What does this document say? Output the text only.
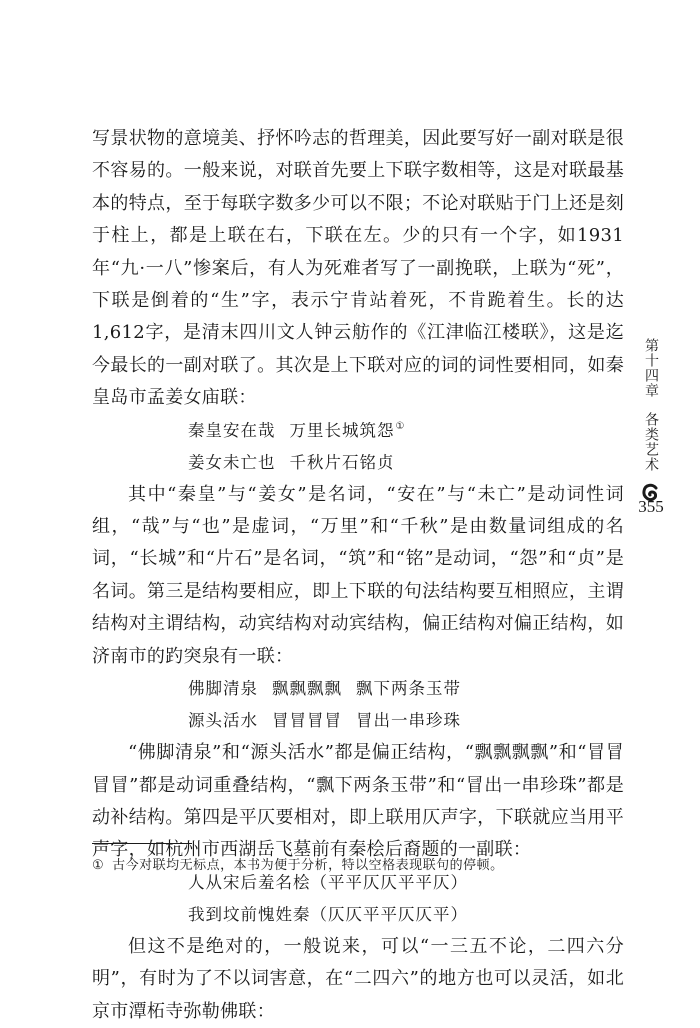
写景状物的意境美、抒怀吟志的哲理美，因此要写好一副对联是很不容易的。一般来说，对联首先要上下联字数相等，这是对联最基本的特点，至于每联字数多少可以不限；不论对联贴于门上还是刻于柱上，都是上联在右，下联在左。少的只有一个字，如1931年“九·一八”惨案后，有人为死难者写了一副挽联，上联为“死”，下联是倒着的“生”字，表示宁肯站着死，不肯跪着生。长的达1,612字，是清末四川文人钟云舫作的《江津临江楼联》，这是迄今最长的一副对联了。其次是上下联对应的词的词性要相同，如秦皇岛市孟姜女庙联：

秦皇安在哉 万里长城筑怨①

姜女未亡也 千秋片石铭贞

其中“秦皇”与“姜女”是名词，“安在”与“未亡”是动词性词组，“哉”与“也”是虚词，“万里”和“千秋”是由数量词组成的名词，“长城”和“片石”是名词，“筑”和“铭”是动词，“怨”和“贞”是名词。第三是结构要相应，即上下联的句法结构要互相照应，主谓结构对主谓结构，动宾结构对动宾结构，偏正结构对偏正结构，如济南市的趵突泉有一联：

佛脚清泉 飘飘飘飘 飘下两条玉带

源头活水 冒冒冒冒 冒出一串珍珠

“佛脚清泉”和“源头活水”都是偏正结构，“飘飘飘飘”和“冒冒冒冒”都是动词重叠结构，“飘下两条玉带”和“冒出一串珍珠”都是动补结构。第四是平仄要相对，即上联用仄声字，下联就应当用平声字，如杭州市西湖岳飞墓前有秦桧后裔题的一副联：

人从宋后羞名桧（平平仄仄平平仄）

我到坟前愧姓秦（仄仄平平仄仄平）

但这不是绝对的，一般说来，可以“一三五不论，二四六分明”，有时为了不以词害意，在“二四六”的地方也可以灵活，如北京市潭柘寺弥勒佛联：

① 古今对联均无标点，本书为便于分析，特以空格表现联句的停顿。
第十四章
各类艺术
355
